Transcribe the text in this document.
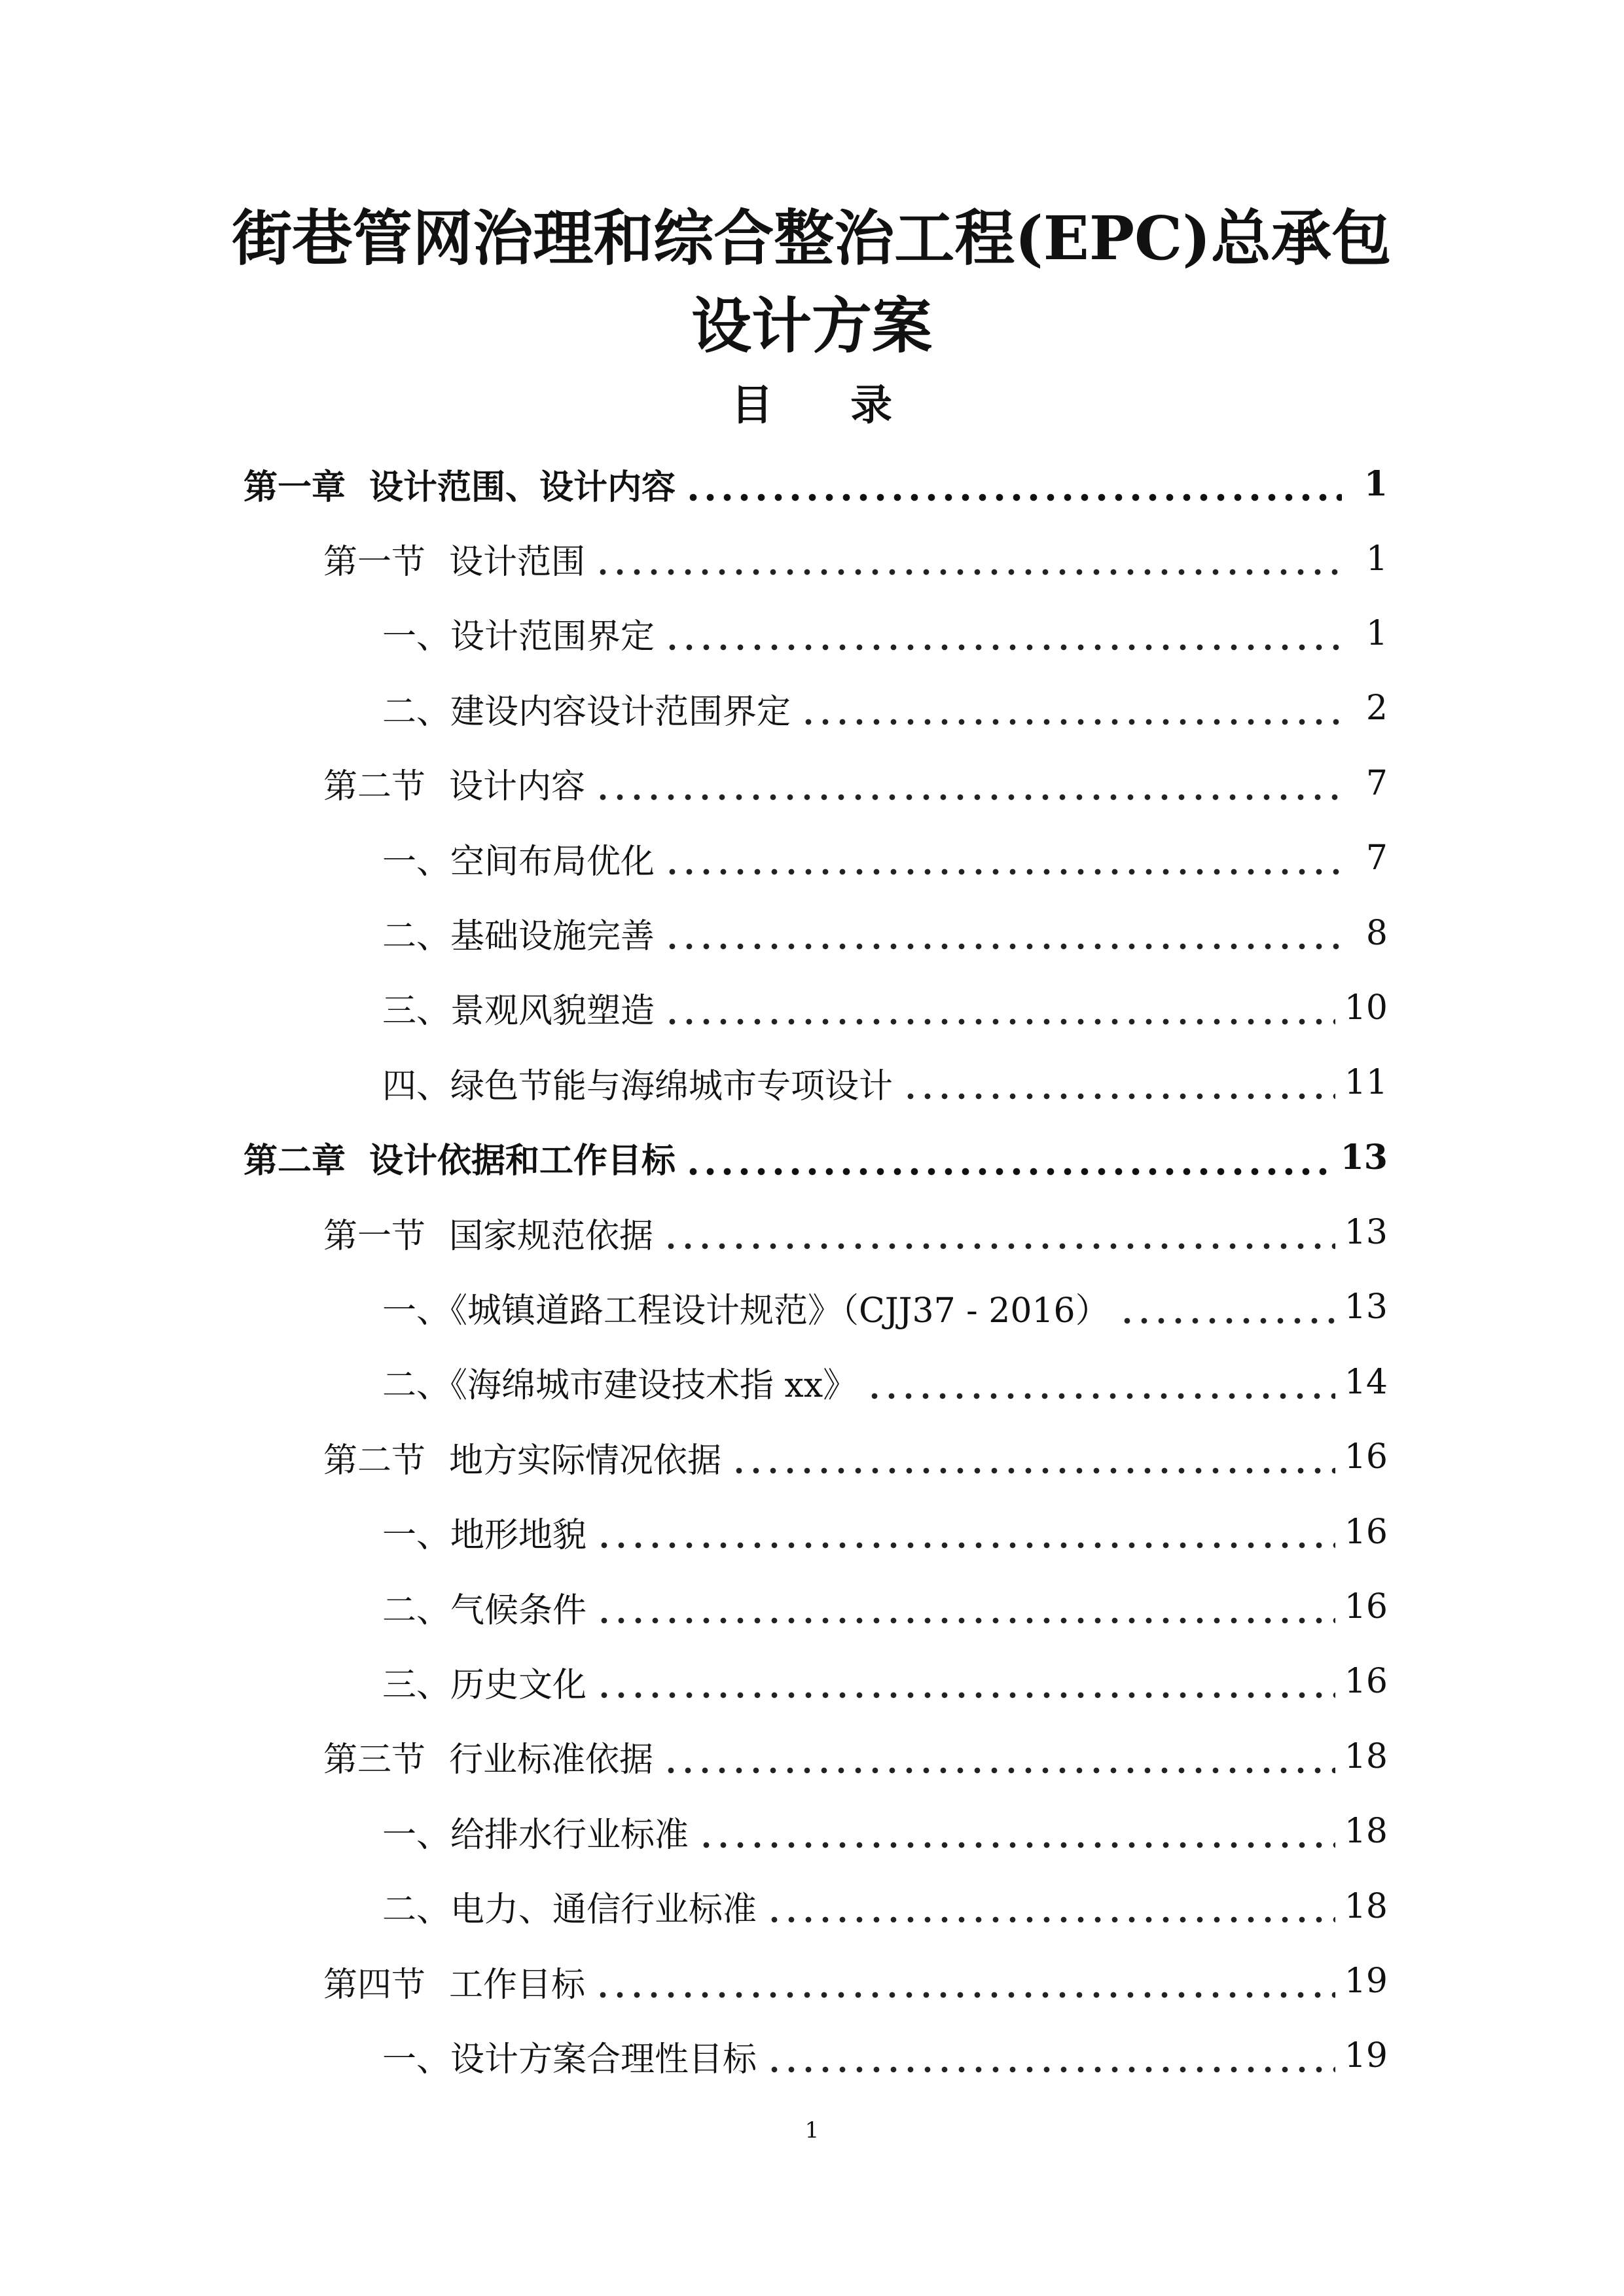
街巷管网治理和综合整治工程(EPC)总承包
设计方案
目 录
第一章 设计范围、设计内容	1
第一节 设计范围	1
一、设计范围界定	1
二、建设内容设计范围界定	2
第二节 设计内容	7
一、空间布局优化	7
二、基础设施完善	8
三、景观风貌塑造	10
四、绿色节能与海绵城市专项设计	11
第二章 设计依据和工作目标	13
第一节 国家规范依据	13
一、《城镇道路工程设计规范》（CJJ37 - 2016）	13
二、《海绵城市建设技术指 xx》	14
第二节 地方实际情况依据	16
一、地形地貌	16
二、气候条件	16
三、历史文化	16
第三节 行业标准依据	18
一、给排水行业标准	18
二、电力、通信行业标准	18
第四节 工作目标	19
一、设计方案合理性目标	19
1
